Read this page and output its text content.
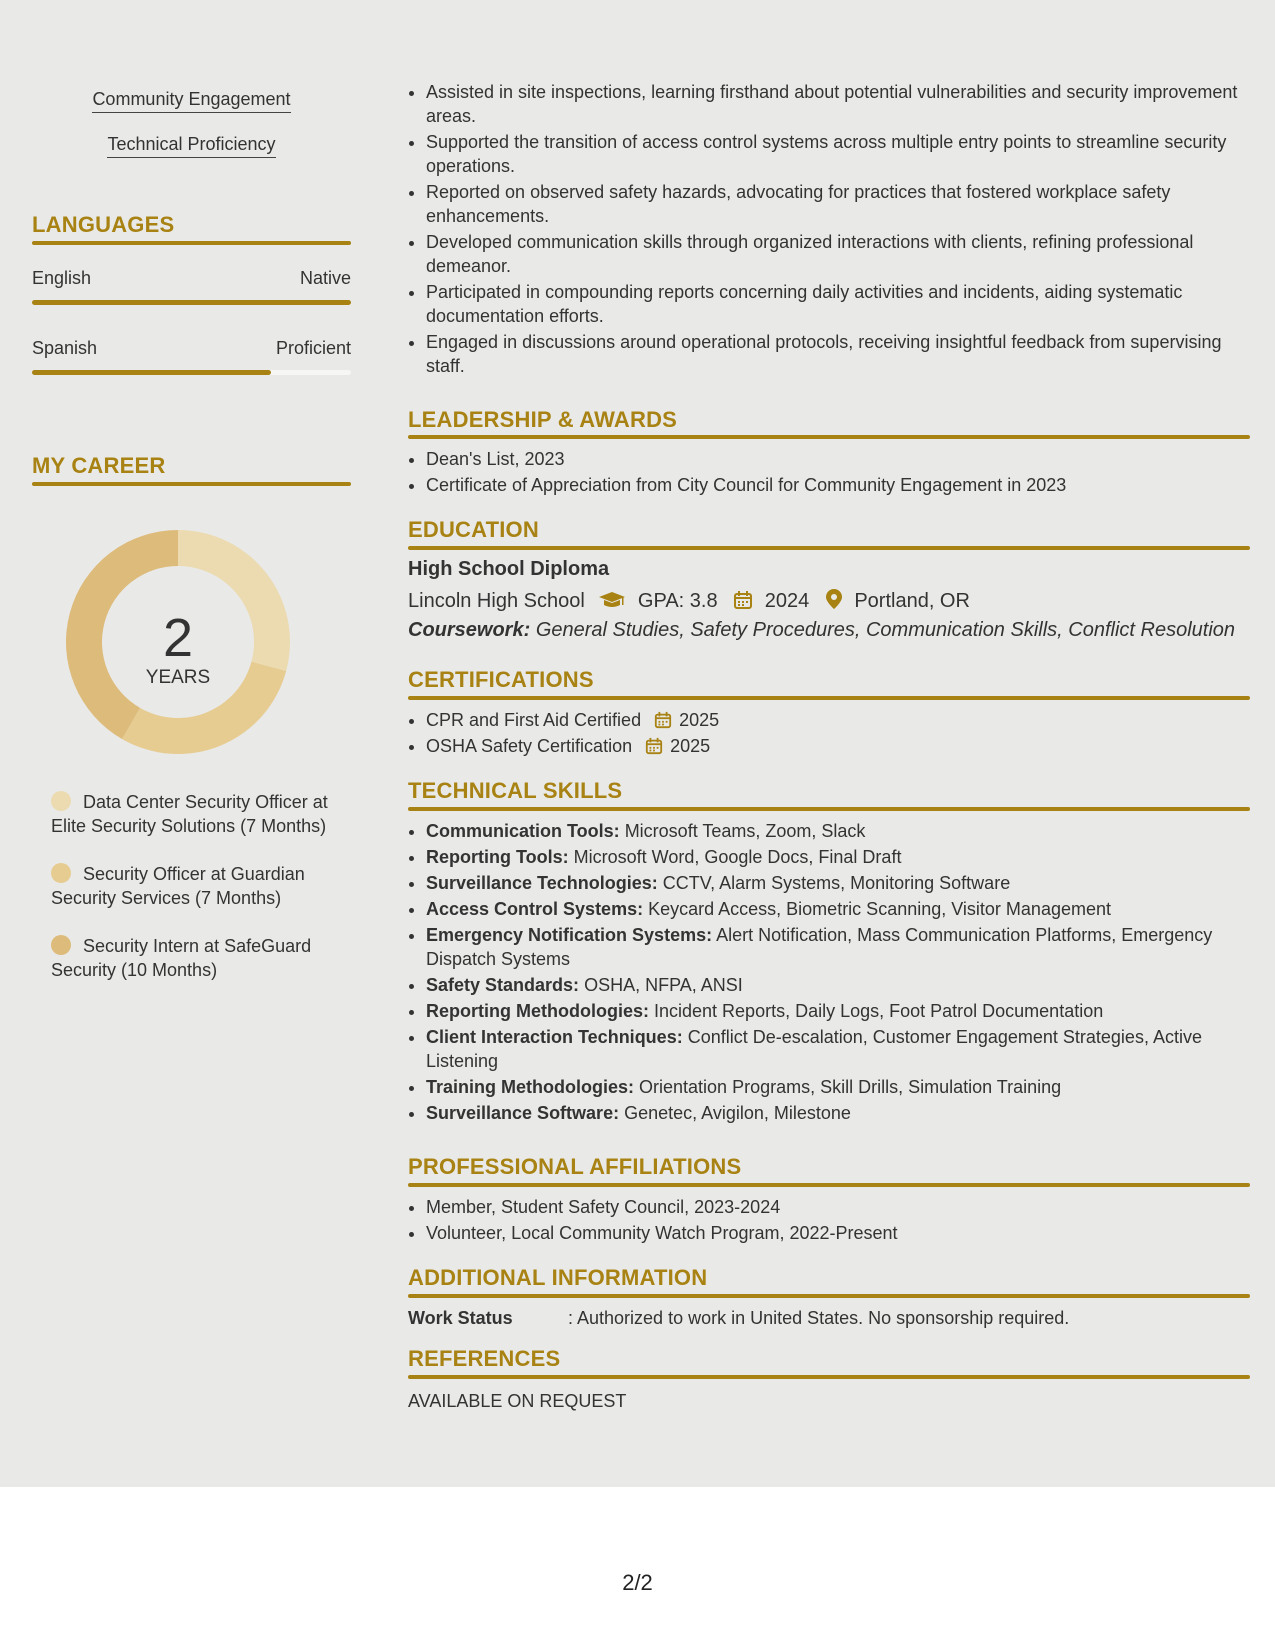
Community Engagement
Technical Proficiency
LANGUAGES
English	Native
Spanish	Proficient
MY CAREER
2
YEARS
Data Center Security Officer at Elite Security Solutions (7 Months)
Security Officer at Guardian Security Services (7 Months)
Security Intern at SafeGuard Security (10 Months)
• Assisted in site inspections, learning firsthand about potential vulnerabilities and security improvement areas.
• Supported the transition of access control systems across multiple entry points to streamline security operations.
• Reported on observed safety hazards, advocating for practices that fostered workplace safety enhancements.
• Developed communication skills through organized interactions with clients, refining professional demeanor.
• Participated in compounding reports concerning daily activities and incidents, aiding systematic documentation efforts.
• Engaged in discussions around operational protocols, receiving insightful feedback from supervising staff.
LEADERSHIP & AWARDS
• Dean's List, 2023
• Certificate of Appreciation from City Council for Community Engagement in 2023
EDUCATION
High School Diploma
Lincoln High School	GPA: 3.8 2024 Portland, OR
Coursework: General Studies, Safety Procedures, Communication Skills, Conflict Resolution
CERTIFICATIONS
• CPR and First Aid Certified 2025
• OSHA Safety Certification 2025
TECHNICAL SKILLS
• Communication Tools: Microsoft Teams, Zoom, Slack
• Reporting Tools: Microsoft Word, Google Docs, Final Draft
• Surveillance Technologies: CCTV, Alarm Systems, Monitoring Software
• Access Control Systems: Keycard Access, Biometric Scanning, Visitor Management
• Emergency Notification Systems: Alert Notification, Mass Communication Platforms, Emergency Dispatch Systems
• Safety Standards: OSHA, NFPA, ANSI
• Reporting Methodologies: Incident Reports, Daily Logs, Foot Patrol Documentation
• Client Interaction Techniques: Conflict De-escalation, Customer Engagement Strategies, Active Listening
• Training Methodologies: Orientation Programs, Skill Drills, Simulation Training
• Surveillance Software: Genetec, Avigilon, Milestone
PROFESSIONAL AFFILIATIONS
• Member, Student Safety Council, 2023-2024
• Volunteer, Local Community Watch Program, 2022-Present
ADDITIONAL INFORMATION
Work Status	: Authorized to work in United States. No sponsorship required.
REFERENCES
AVAILABLE ON REQUEST
2/2
